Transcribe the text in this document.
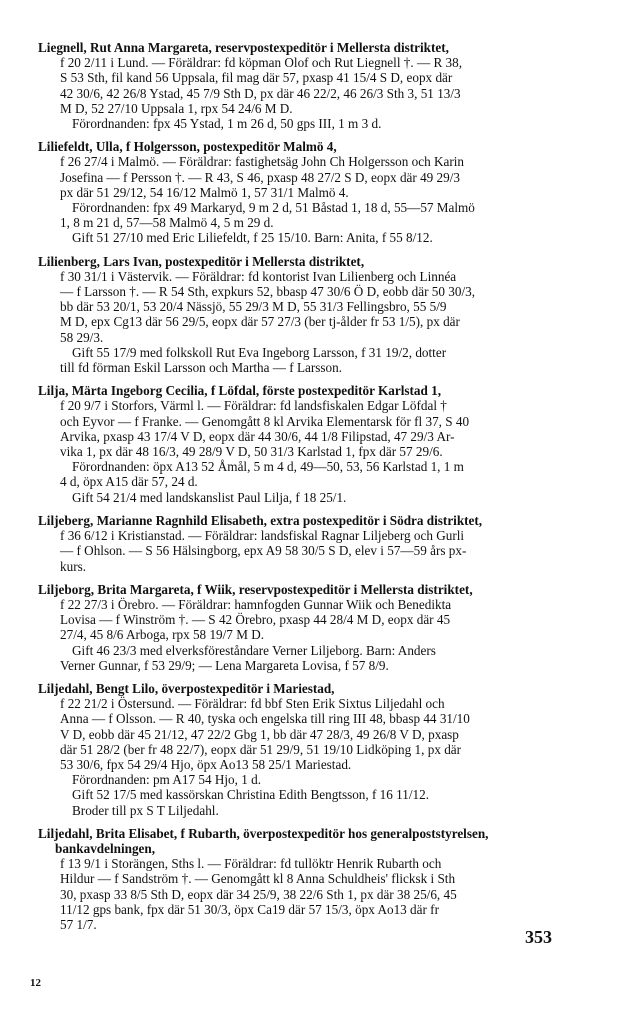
Liegnell, Rut Anna Margareta, reservpostexpeditör i Mellersta distriktet,
f 20 2/11 i Lund. — Föräldrar: fd köpman Olof och Rut Liegnell †. — R 38,
S 53 Sth, fil kand 56 Uppsala, fil mag där 57, pxasp 41 15/4 S D, eopx där
42 30/6, 42 26/8 Ystad, 45 7/9 Sth D, px där 46 22/2, 46 26/3 Sth 3, 51 13/3
M D, 52 27/10 Uppsala 1, rpx 54 24/6 M D.
Förordnanden: fpx 45 Ystad, 1 m 26 d, 50 gps III, 1 m 3 d.
Liliefeldt, Ulla, f Holgersson, postexpeditör Malmö 4,
f 26 27/4 i Malmö. — Föräldrar: fastighetsäg John Ch Holgersson och Karin
Josefina — f Persson †. — R 43, S 46, pxasp 48 27/2 S D, eopx där 49 29/3
px där 51 29/12, 54 16/12 Malmö 1, 57 31/1 Malmö 4.
Förordnanden: fpx 49 Markaryd, 9 m 2 d, 51 Båstad 1, 18 d, 55—57 Malmö
1, 8 m 21 d, 57—58 Malmö 4, 5 m 29 d.
Gift 51 27/10 med Eric Liliefeldt, f 25 15/10. Barn: Anita, f 55 8/12.
Lilienberg, Lars Ivan, postexpeditör i Mellersta distriktet,
f 30 31/1 i Västervik. — Föräldrar: fd kontorist Ivan Lilienberg och Linnéa
— f Larsson †. — R 54 Sth, expkurs 52, bbasp 47 30/6 Ö D, eobb där 50 30/3,
bb där 53 20/1, 53 20/4 Nässjö, 55 29/3 M D, 55 31/3 Fellingsbro, 55 5/9
M D, epx Cg13 där 56 29/5, eopx där 57 27/3 (ber tj-ålder fr 53 1/5), px där
58 29/3.
Gift 55 17/9 med folkskoll Rut Eva Ingeborg Larsson, f 31 19/2, dotter
till fd förman Eskil Larsson och Martha — f Larsson.
Lilja, Märta Ingeborg Cecilia, f Löfdal, förste postexpeditör Karlstad 1,
f 20 9/7 i Storfors, Värml l. — Föräldrar: fd landsfiskalen Edgar Löfdal †
och Eyvor — f Franke. — Genomgått 8 kl Arvika Elementarsk för fl 37, S 40
Arvika, pxasp 43 17/4 V D, eopx där 44 30/6, 44 1/8 Filipstad, 47 29/3 Ar-
vika 1, px där 48 16/3, 49 28/9 V D, 50 31/3 Karlstad 1, fpx där 57 29/6.
Förordnanden: öpx A13 52 Åmål, 5 m 4 d, 49—50, 53, 56 Karlstad 1, 1 m
4 d, öpx A15 där 57, 24 d.
Gift 54 21/4 med landskanslist Paul Lilja, f 18 25/1.
Liljeberg, Marianne Ragnhild Elisabeth, extra postexpeditör i Södra distriktet,
f 36 6/12 i Kristianstad. — Föräldrar: landsfiskal Ragnar Liljeberg och Gurli
— f Ohlson. — S 56 Hälsingborg, epx A9 58 30/5 S D, elev i 57—59 års px-
kurs.
Liljeborg, Brita Margareta, f Wiik, reservpostexpeditör i Mellersta distriktet,
f 22 27/3 i Örebro. — Föräldrar: hamnfogden Gunnar Wiik och Benedikta
Lovisa — f Winström †. — S 42 Örebro, pxasp 44 28/4 M D, eopx där 45
27/4, 45 8/6 Arboga, rpx 58 19/7 M D.
Gift 46 23/3 med elverksföreståndare Verner Liljeborg. Barn: Anders
Verner Gunnar, f 53 29/9; — Lena Margareta Lovisa, f 57 8/9.
Liljedahl, Bengt Lilo, överpostexpeditör i Mariestad,
f 22 21/2 i Östersund. — Föräldrar: fd bbf Sten Erik Sixtus Liljedahl och
Anna — f Olsson. — R 40, tyska och engelska till ring III 48, bbasp 44 31/10
V D, eobb där 45 21/12, 47 22/2 Gbg 1, bb där 47 28/3, 49 26/8 V D, pxasp
där 51 28/2 (ber fr 48 22/7), eopx där 51 29/9, 51 19/10 Lidköping 1, px där
53 30/6, fpx 54 29/4 Hjo, öpx Ao13 58 25/1 Mariestad.
Förordnanden: pm A17 54 Hjo, 1 d.
Gift 52 17/5 med kassörskan Christina Edith Bengtsson, f 16 11/12.
Broder till px S T Liljedahl.
Liljedahl, Brita Elisabet, f Rubarth, överpostexpeditör hos generalpoststyrelsen, bankavdelningen,
f 13 9/1 i Storängen, Sths l. — Föräldrar: fd tullöktr Henrik Rubarth och
Hildur — f Sandström †. — Genomgått kl 8 Anna Schuldheis' flicksk i Sth
30, pxasp 33 8/5 Sth D, eopx där 34 25/9, 38 22/6 Sth 1, px där 38 25/6, 45
11/12 gps bank, fpx där 51 30/3, öpx Ca19 där 57 15/3, öpx Ao13 där fr
57 1/7.
353
12
